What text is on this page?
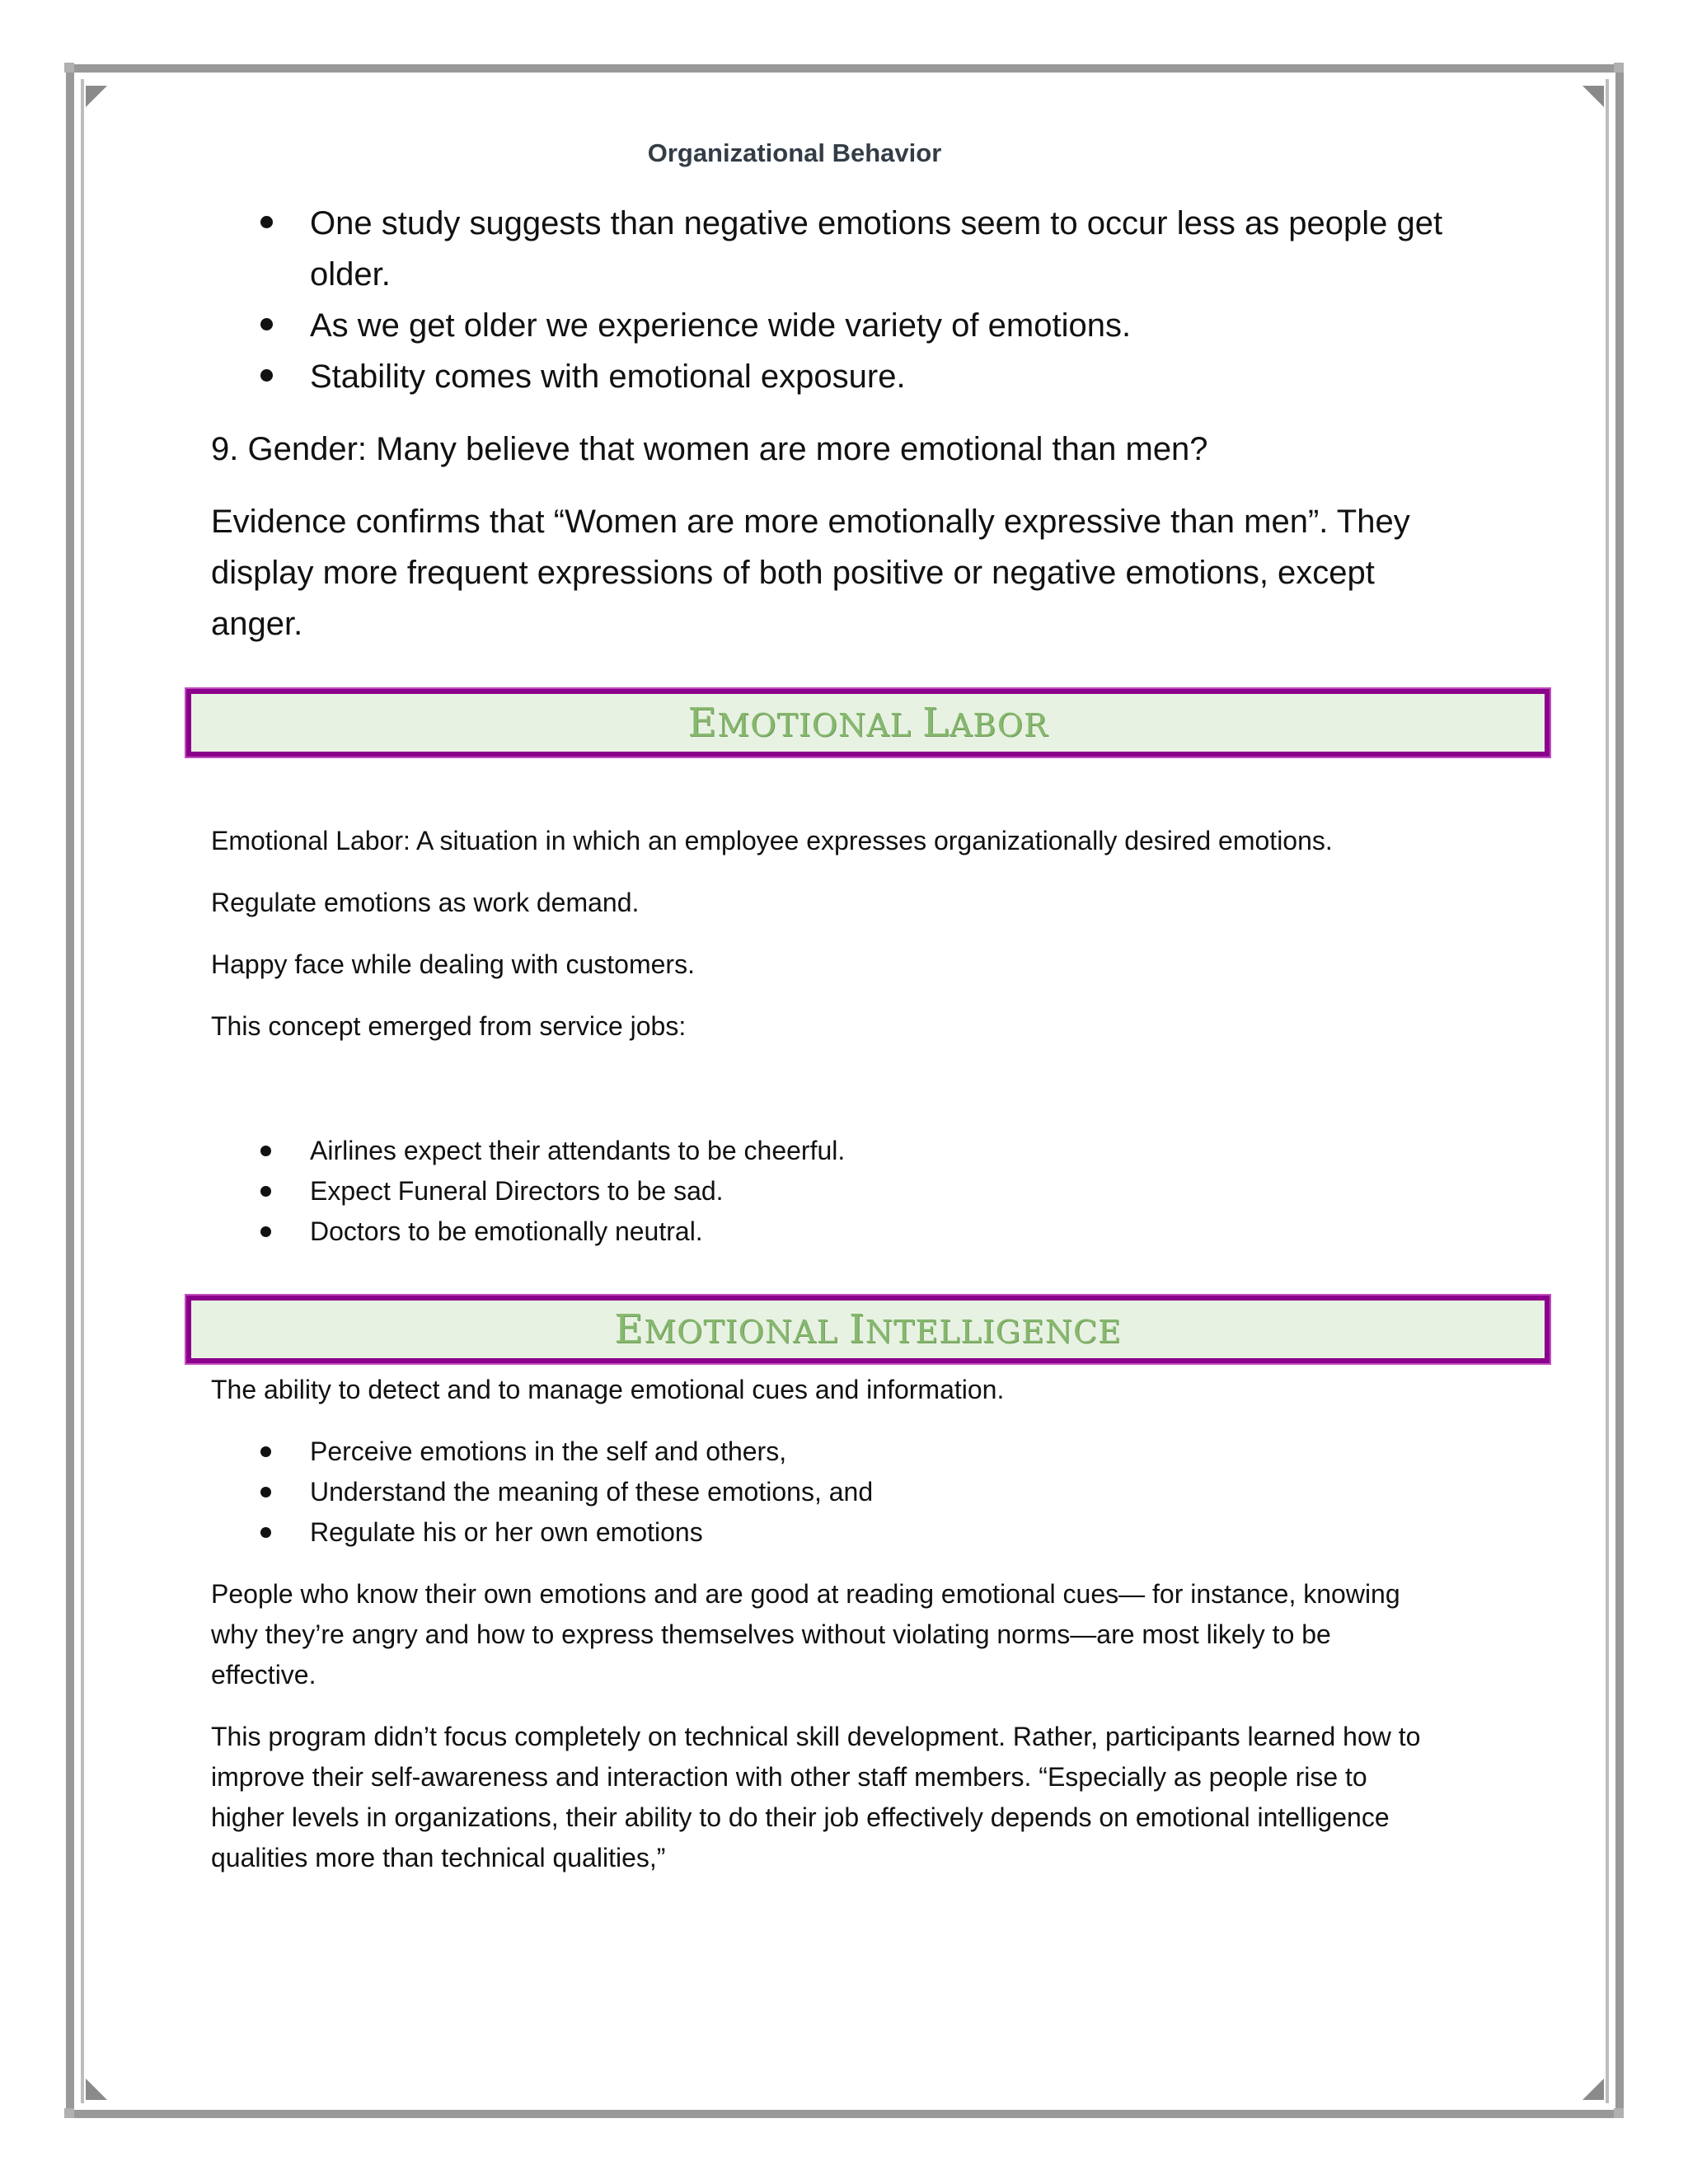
Organizational Behavior
One study suggests than negative emotions seem to occur less as people get
older.
As we get older we experience wide variety of emotions.
Stability comes with emotional exposure.

9. Gender: Many believe that women are more emotional than men?

Evidence confirms that “Women are more emotionally expressive than men”. They
display more frequent expressions of both positive or negative emotions, except
anger.

EMOTIONAL LABOR

Emotional Labor: A situation in which an employee expresses organizationally desired emotions.

Regulate emotions as work demand.

Happy face while dealing with customers.

This concept emerged from service jobs:

Airlines expect their attendants to be cheerful.
Expect Funeral Directors to be sad.
Doctors to be emotionally neutral.
EMOTIONAL INTELLIGENCE

The ability to detect and to manage emotional cues and information.

Perceive emotions in the self and others,
Understand the meaning of these emotions, and
Regulate his or her own emotions

People who know their own emotions and are good at reading emotional cues— for instance, knowing
why they’re angry and how to express themselves without violating norms—are most likely to be
effective.

This program didn’t focus completely on technical skill development. Rather, participants learned how to
improve their self-awareness and interaction with other staff members. “Especially as people rise to
higher levels in organizations, their ability to do their job effectively depends on emotional intelligence
qualities more than technical qualities,”
